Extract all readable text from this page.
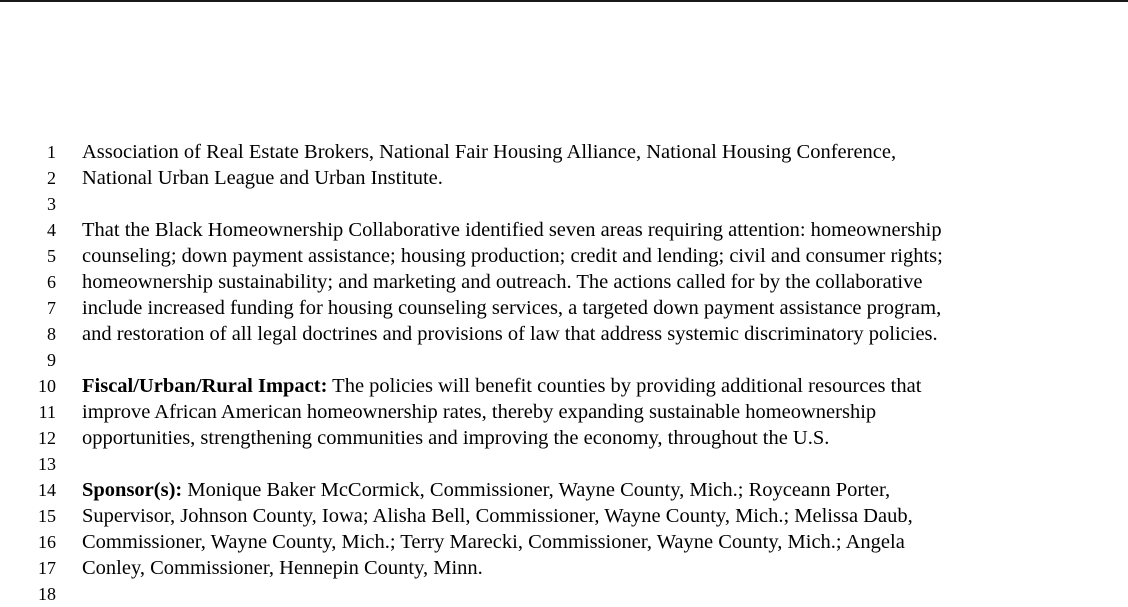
1 Association of Real Estate Brokers, National Fair Housing Alliance, National Housing Conference,
2 National Urban League and Urban Institute.
3
4 That the Black Homeownership Collaborative identified seven areas requiring attention: homeownership
5 counseling; down payment assistance; housing production; credit and lending; civil and consumer rights;
6 homeownership sustainability; and marketing and outreach. The actions called for by the collaborative
7 include increased funding for housing counseling services, a targeted down payment assistance program,
8 and restoration of all legal doctrines and provisions of law that address systemic discriminatory policies.
9
10 Fiscal/Urban/Rural Impact: The policies will benefit counties by providing additional resources that
11 improve African American homeownership rates, thereby expanding sustainable homeownership
12 opportunities, strengthening communities and improving the economy, throughout the U.S.
13
14 Sponsor(s): Monique Baker McCormick, Commissioner, Wayne County, Mich.; Royceann Porter,
15 Supervisor, Johnson County, Iowa; Alisha Bell, Commissioner, Wayne County, Mich.; Melissa Daub,
16 Commissioner, Wayne County, Mich.; Terry Marecki, Commissioner, Wayne County, Mich.; Angela
17 Conley, Commissioner, Hennepin County, Minn.
18
